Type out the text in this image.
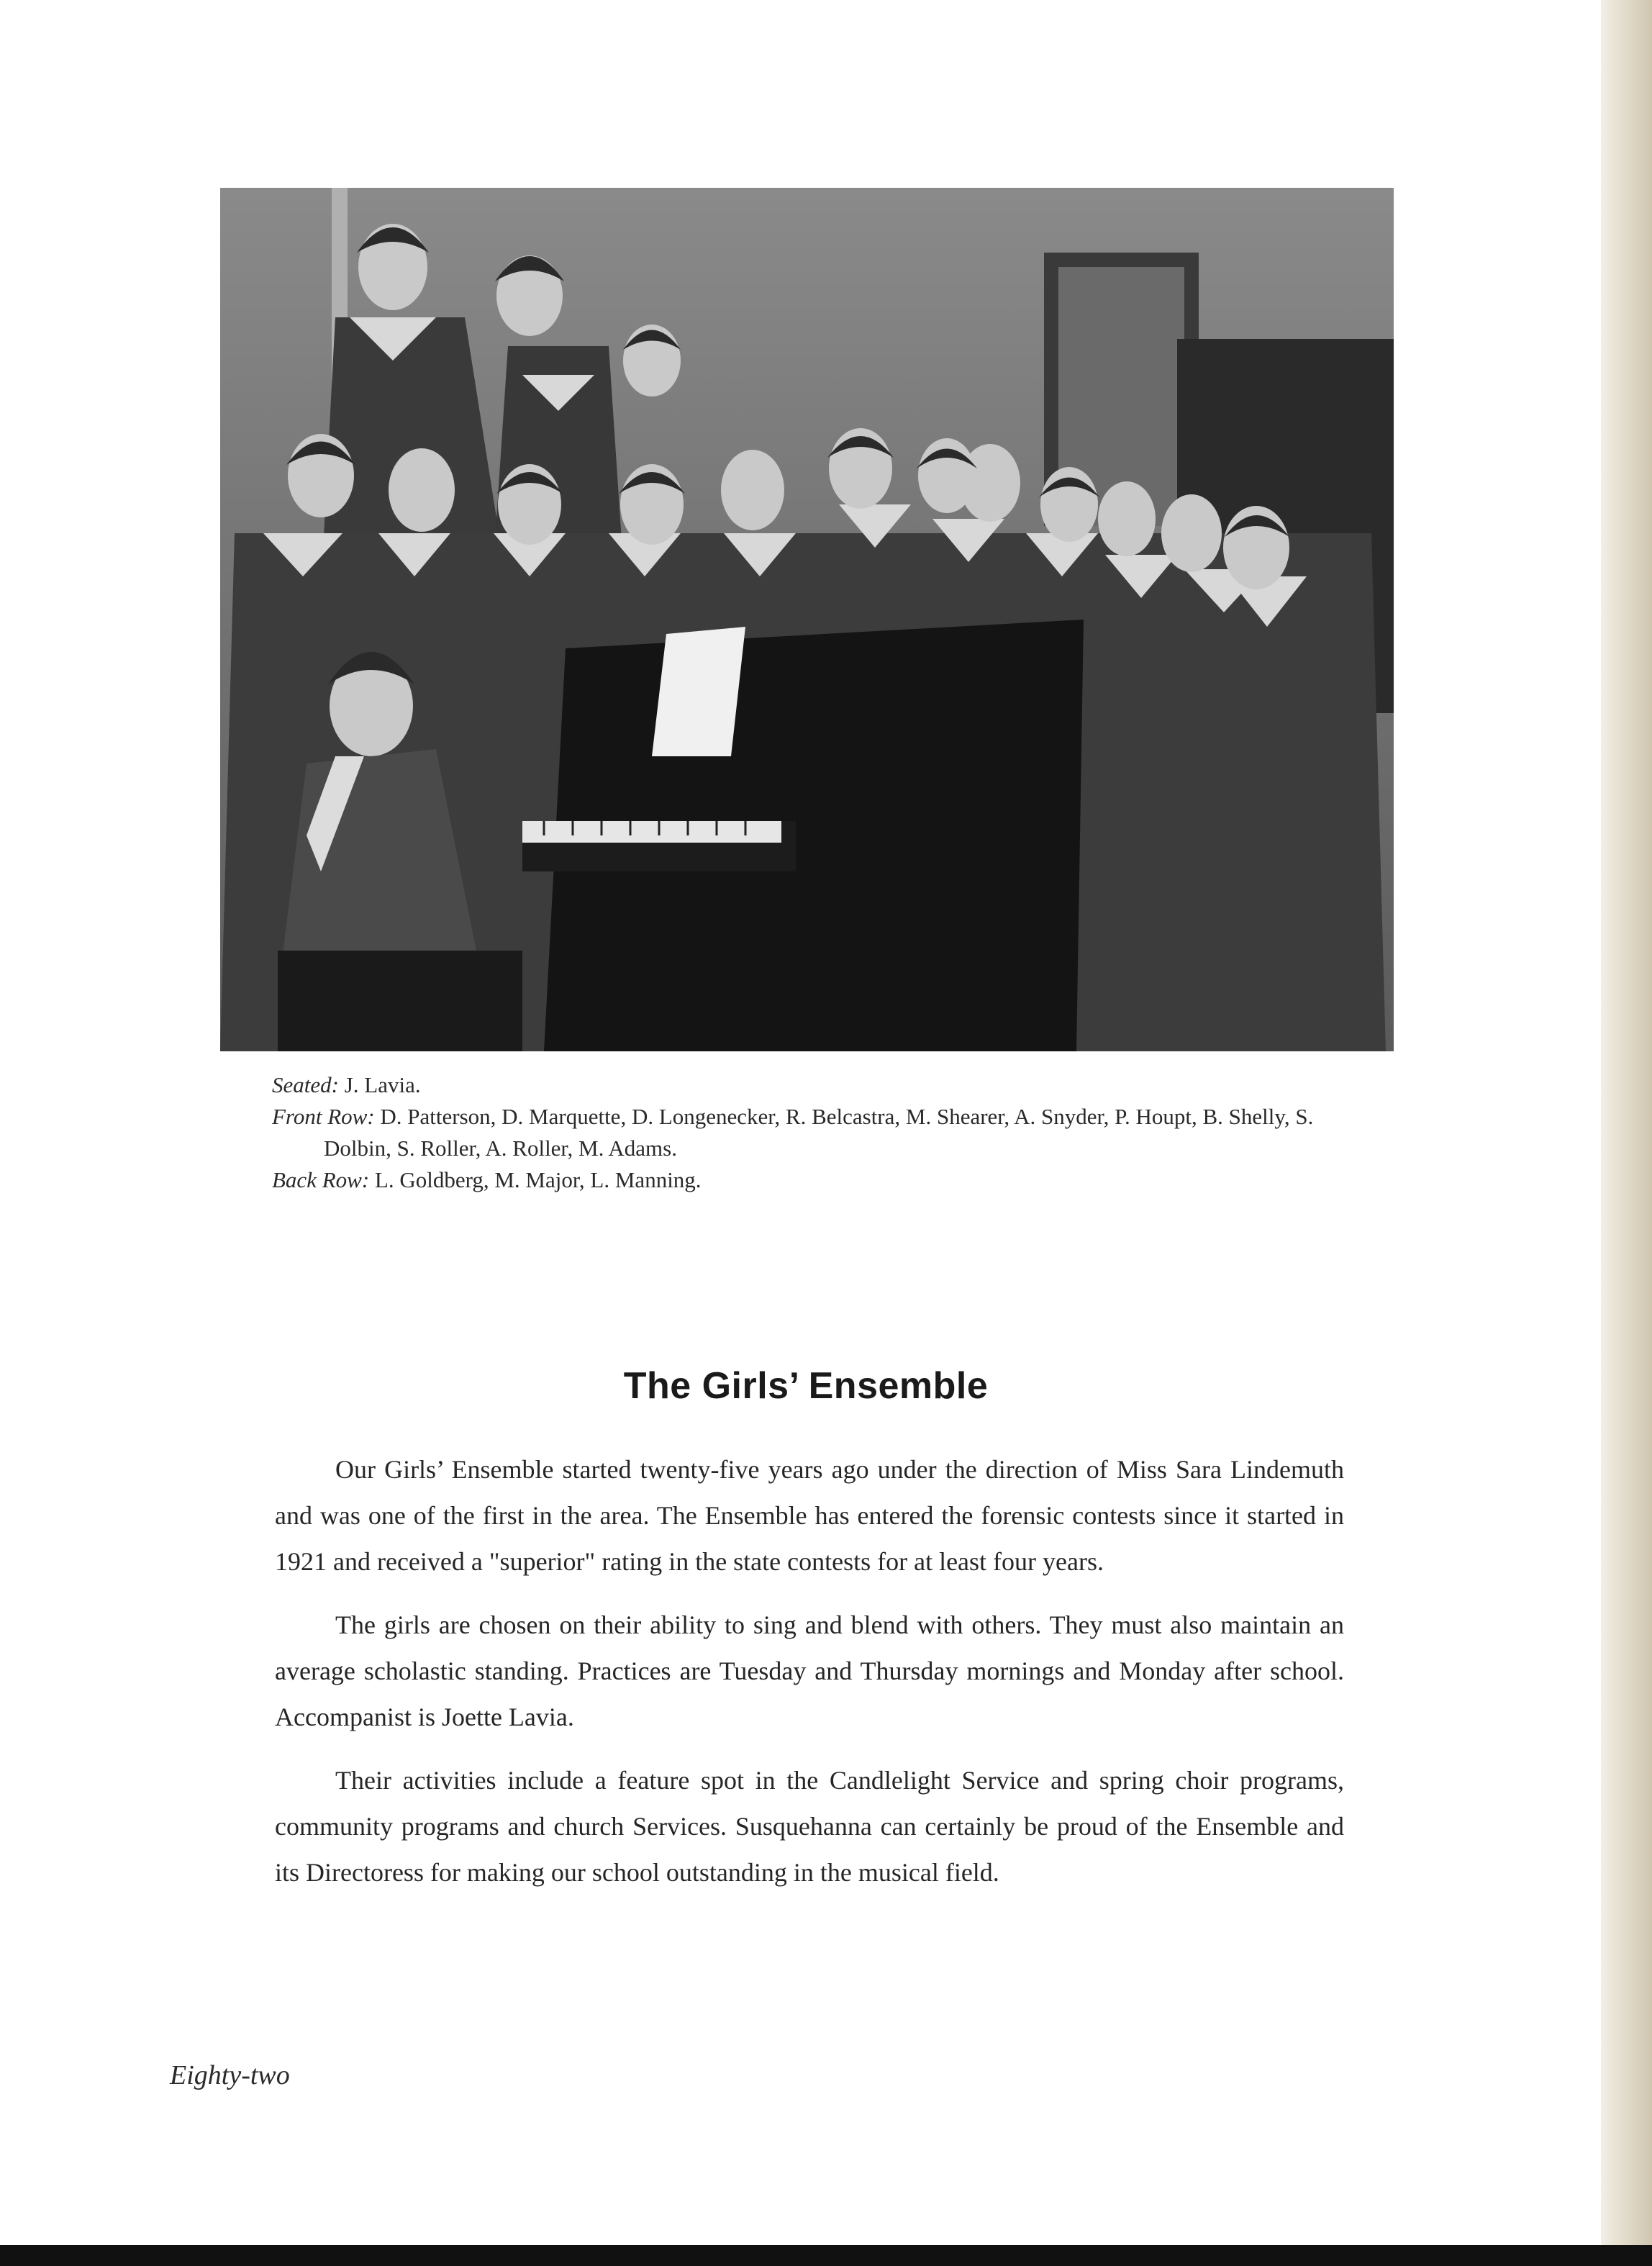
Seated: J. Lavia.

Front Row: D. Patterson, D. Marquette, D. Longenecker, R. Belcastra, M. Shearer, A. Snyder, P. Houpt, B. Shelly, S. Dolbin, S. Roller, A. Roller, M. Adams.

Back Row: L. Goldberg, M. Major, L. Manning.

The Girls’ Ensemble

Our Girls’ Ensemble started twenty-five years ago under the direction of Miss Sara Lindemuth and was one of the first in the area. The Ensemble has entered the forensic contests since it started in 1921 and received a "superior" rating in the state contests for at least four years.

The girls are chosen on their ability to sing and blend with others. They must also maintain an average scholastic standing. Practices are Tuesday and Thursday mornings and Monday after school. Accompanist is Joette Lavia.

Their activities include a feature spot in the Candlelight Service and spring choir programs, community programs and church Services. Susquehanna can certainly be proud of the Ensemble and its Directoress for making our school outstanding in the musical field.

Eighty-two
